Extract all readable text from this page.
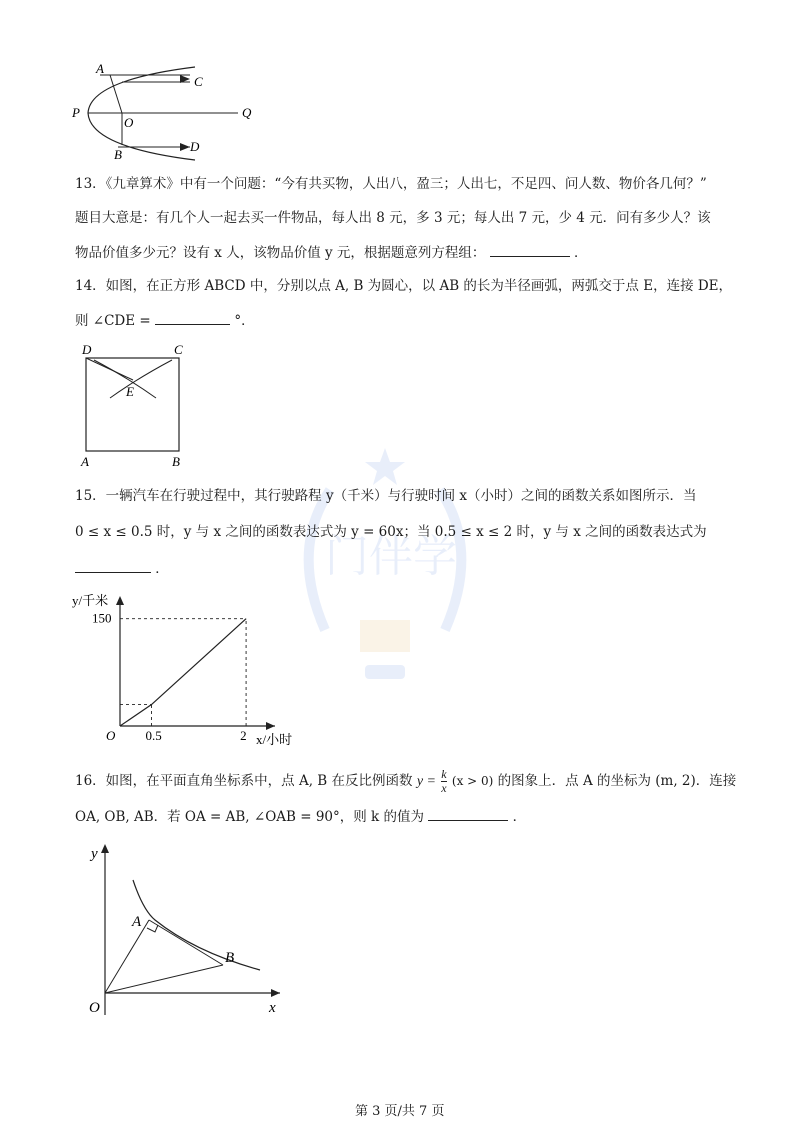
门伴学
A
C
P
O
Q
B
D
13．《九章算术》中有一个问题：“今有共买物，人出八，盈三；人出七，不足四、问人数、物价各几何？”
题目大意是：有几个人一起去买一件物品，每人出 8 元，多 3 元；每人出 7 元，少 4 元．问有多少人？该
物品价值多少元？设有 x 人，该物品价值 y 元，根据题意列方程组：	．
14．如图，在正方形 ABCD 中，分别以点 A, B 为圆心，以 AB 的长为半径画弧，两弧交于点 E，连接 DE，
则 ∠CDE =	°．
D	C
E
A	B
15．一辆汽车在行驶过程中，其行驶路程 y（千米）与行驶时间 x（小时）之间的函数关系如图所示．当
0 ≤ x ≤ 0.5 时，y 与 x 之间的函数表达式为 y = 60x；当 0.5 ≤ x ≤ 2 时，y 与 x 之间的函数表达式为
．
y/千米
x/小时
O 0.5	2
150
16．如图，在平面直角坐标系中，点 A, B 在反比例函数 $y = \frac{k}{x} (x > 0)$ 的图象上．点 A 的坐标为 (m, 2)．连接
OA, OB, AB．若 OA = AB, ∠OAB = 90°，则 k 的值为	．
y
A
B
O	x
第 3 页/共 7 页
